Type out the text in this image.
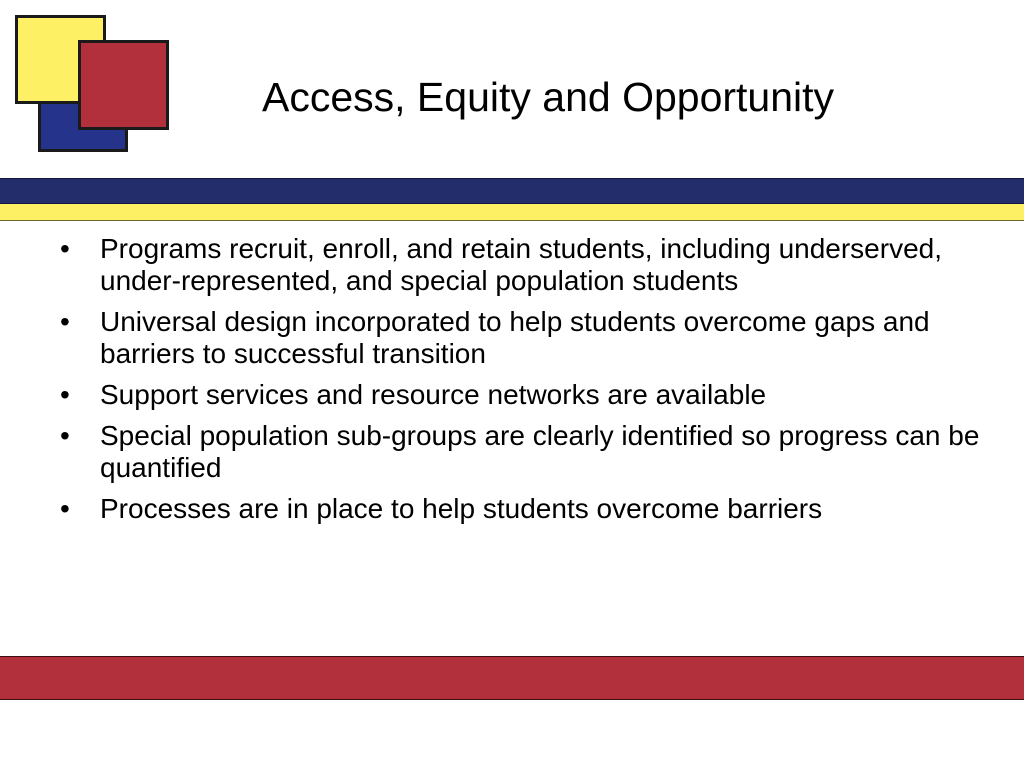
Access, Equity and Opportunity
• Programs recruit, enroll, and retain students, including underserved, under-represented, and special population students
• Universal design incorporated to help students overcome gaps and barriers to successful transition
• Support services and resource networks are available
• Special population sub-groups are clearly identified so progress can be quantified
• Processes are in place to help students overcome barriers
